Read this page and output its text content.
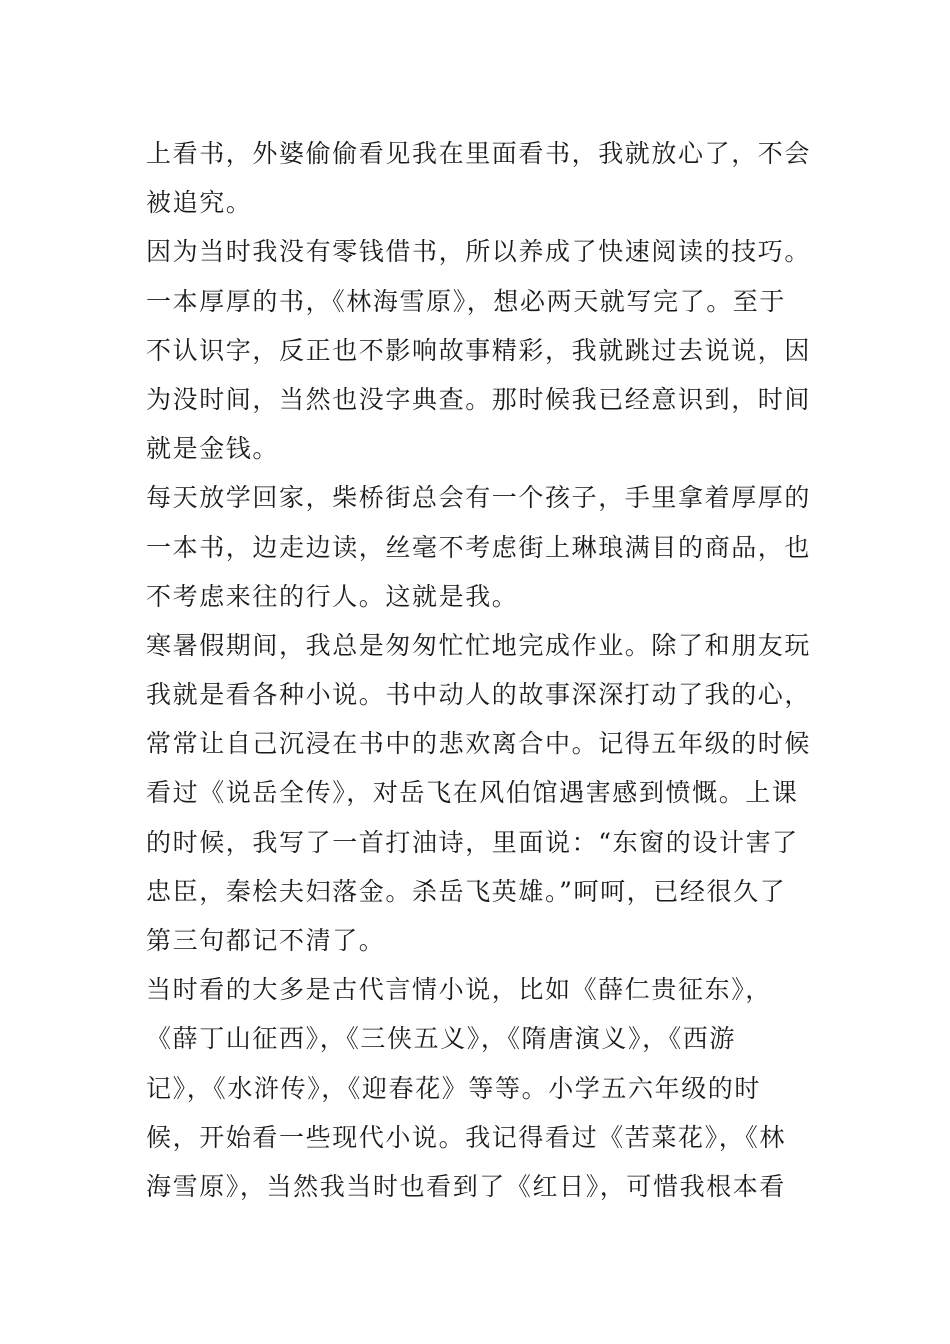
上看书，外婆偷偷看见我在里面看书，我就放心了，不会
被追究。
因为当时我没有零钱借书，所以养成了快速阅读的技巧。
一本厚厚的书，《林海雪原》，想必两天就写完了。至于
不认识字，反正也不影响故事精彩，我就跳过去说说，因
为没时间，当然也没字典查。那时候我已经意识到，时间
就是金钱。
每天放学回家，柴桥街总会有一个孩子，手里拿着厚厚的
一本书，边走边读，丝毫不考虑街上琳琅满目的商品，也
不考虑来往的行人。这就是我。
寒暑假期间，我总是匆匆忙忙地完成作业。除了和朋友玩
我就是看各种小说。书中动人的故事深深打动了我的心，
常常让自己沉浸在书中的悲欢离合中。记得五年级的时候
看过《说岳全传》，对岳飞在风伯馆遇害感到愤慨。上课
的时候，我写了一首打油诗，里面说：“东窗的设计害了
忠臣，秦桧夫妇落金。杀岳飞英雄。”呵呵，已经很久了
第三句都记不清了。
当时看的大多是古代言情小说，比如《薛仁贵征东》，
《薛丁山征西》，《三侠五义》，《隋唐演义》，《西游
记》，《水浒传》，《迎春花》等等。小学五六年级的时
候，开始看一些现代小说。我记得看过《苦菜花》，《林
海雪原》，当然我当时也看到了《红日》，可惜我根本看
